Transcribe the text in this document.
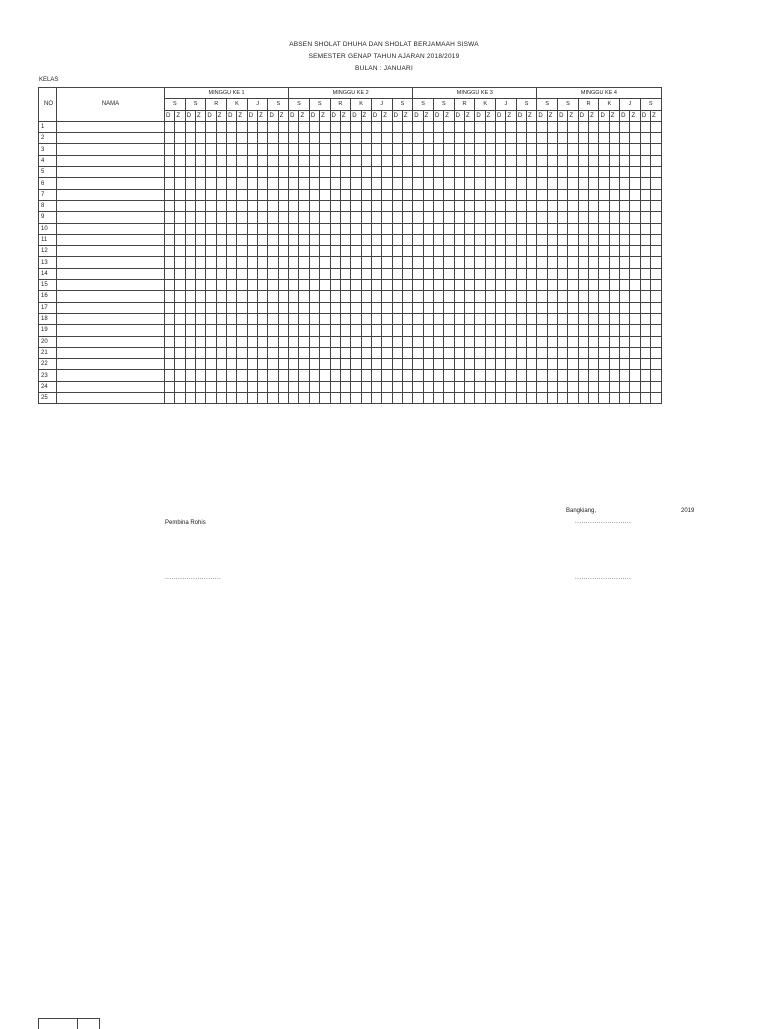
ABSEN SHOLAT DHUHA DAN SHOLAT BERJAMAAH SISWA
SEMESTER GENAP TAHUN AJARAN 2018/2019
BULAN : JANUARI
KELAS
NO	NAMA	MINGGU KE 1												MINGGU KE 2												MINGGU KE 3												MINGGU KE 4											
		S		S		R		K		J		S		S		S		R		K		J		S		S		S		R		K		J		S		S		S		R		K		J		S	
		D	Z	D	Z	D	Z	D	Z	D	Z	D	Z	D	Z	D	Z	D	Z	D	Z	D	Z	D	Z	D	Z	D	Z	D	Z	D	Z	D	Z	D	Z	D	Z	D	Z	D	Z	D	Z	D	Z	D	Z
1																																																	
2																																																	
3																																																	
4																																																	
5																																																	
6																																																	
7																																																	
8																																																	
9																																																	
10																																																	
11																																																	
12																																																	
13																																																	
14																																																	
15																																																	
16																																																	
17																																																	
18																																																	
19																																																	
20																																																	
21																																																	
22																																																	
23																																																	
24																																																	
25																																																	
Bangkiang,	2019
Pembina Rohis	..........................
..........................	..........................
